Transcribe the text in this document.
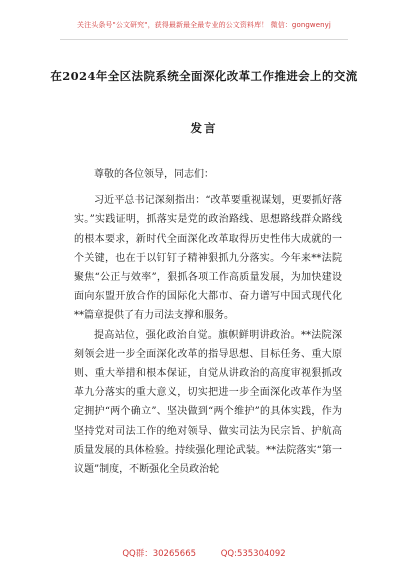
关注头条号"公文研究"，获得最新最全最专业的公文资料库！ 微信：gongwenyj
在2024年全区法院系统全面深化改革工作推进会上的交流
发言

尊敬的各位领导，同志们：

习近平总书记深刻指出：“改革要重视谋划，更要抓好落实。”实践证明，抓落实是党的政治路线、思想路线群众路线的根本要求，新时代全面深化改革取得历史性伟大成就的一个关键，也在于以钉钉子精神狠抓九分落实。今年来**法院聚焦“公正与效率”，狠抓各项工作高质量发展，为加快建设面向东盟开放合作的国际化大都市、奋力谱写中国式现代化**篇章提供了有力司法支撑和服务。

提高站位，强化政治自觉。旗帜鲜明讲政治。**法院深刻领会进一步全面深化改革的指导思想、目标任务、重大原则、重大举措和根本保证，自觉从讲政治的高度审视狠抓改革九分落实的重大意义，切实把进一步全面深化改革作为坚定拥护“两个确立”、坚决做到“两个维护”的具体实践，作为坚持党对司法工作的绝对领导、做实司法为民宗旨、护航高质量发展的具体检验。持续强化理论武装。**法院落实“第一议题”制度，不断强化全员政治轮

QQ群：30265665	QQ:535304092
